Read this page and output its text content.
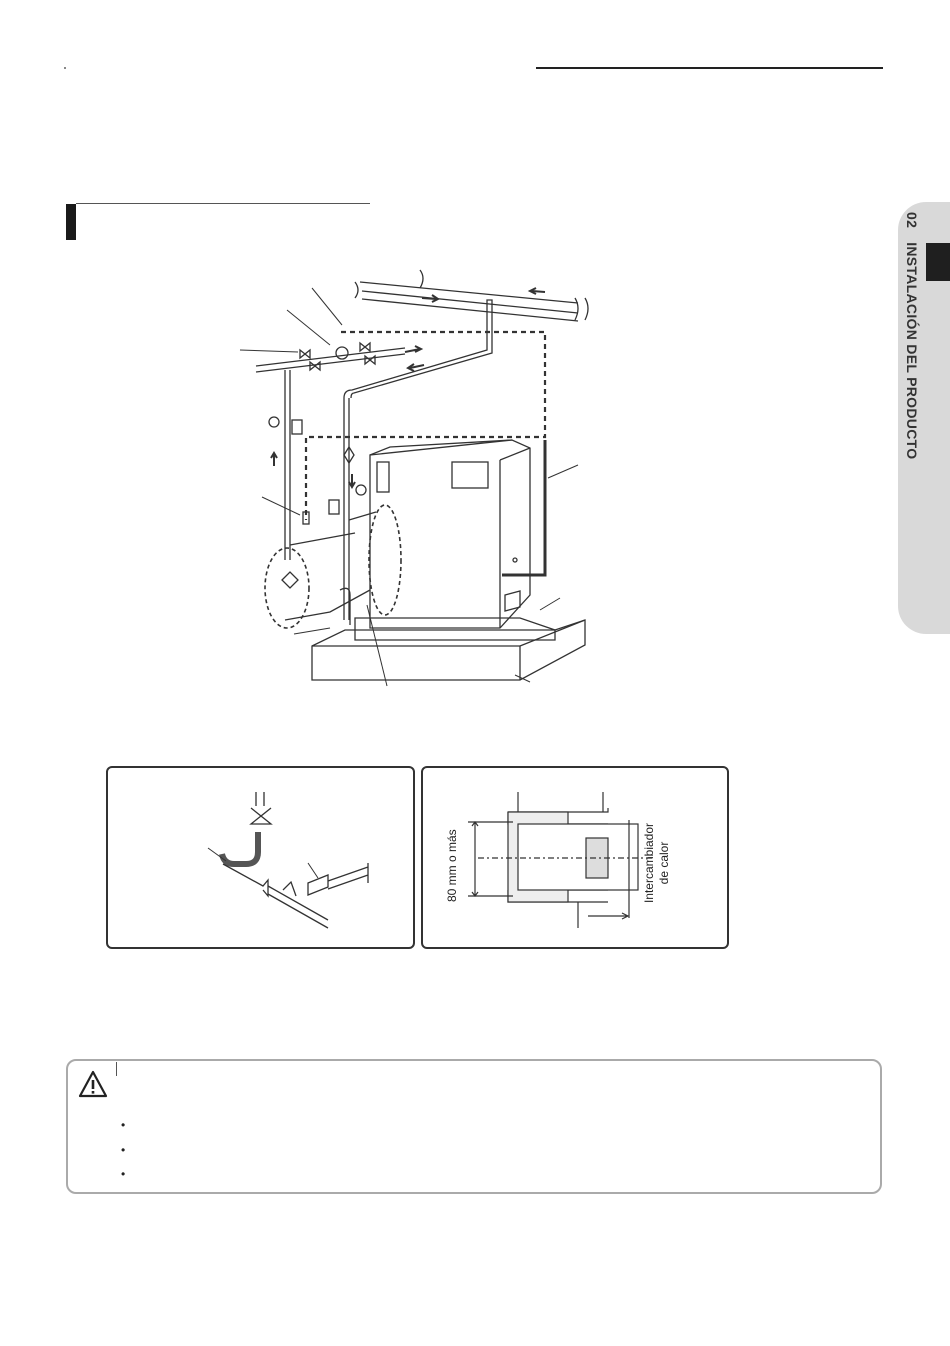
02INSTALACIÓN DEL PRODUCTO
80 mm o más	Intercambiador de calor
•
•
•
